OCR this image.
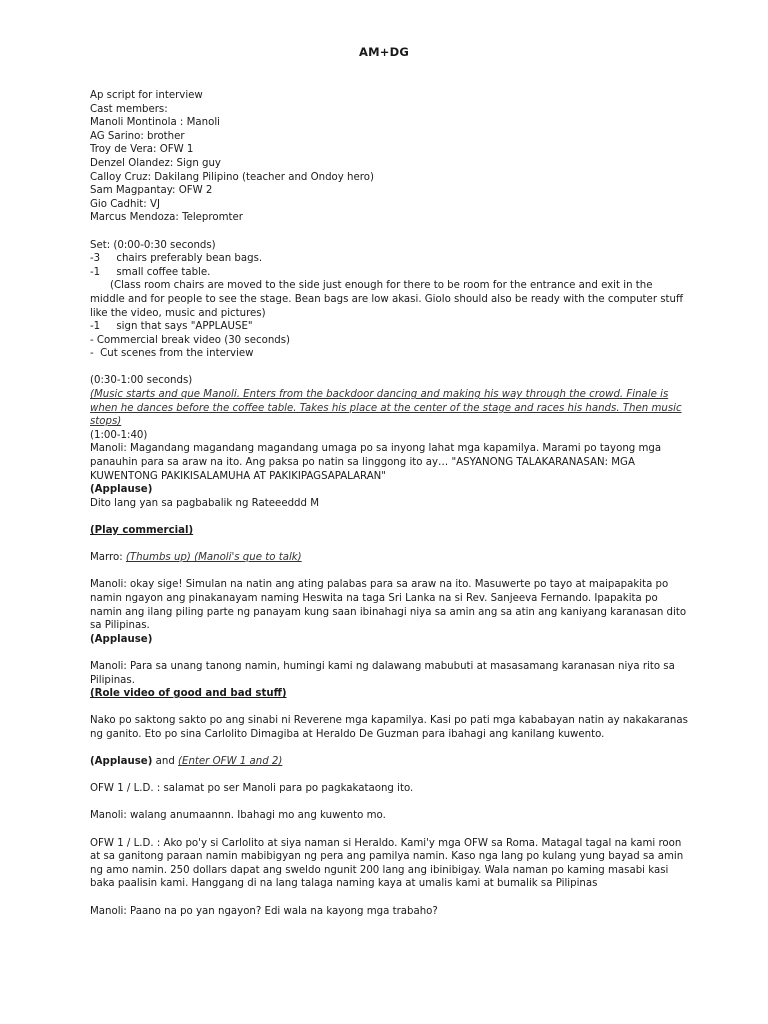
AM+DG
Ap script for interview
Cast members:
Manoli Montinola : Manoli
AG Sarino: brother
Troy de Vera: OFW 1
Denzel Olandez: Sign guy
Calloy Cruz: Dakilang Pilipino (teacher and Ondoy hero)
Sam Magpantay: OFW 2
Gio Cadhit: VJ
Marcus Mendoza: Telepromter
Set: (0:00-0:30 seconds)
-3     chairs preferably bean bags.
-1     small coffee table.
(Class room chairs are moved to the side just enough for there to be room for the entrance and exit in the middle and for people to see the stage. Bean bags are low akasi. Giolo should also be ready with the computer stuff like the video, music and pictures)
-1     sign that says "APPLAUSE"
- Commercial break video (30 seconds)
-  Cut scenes from the interview
(0:30-1:00 seconds)
(Music starts and que Manoli. Enters from the backdoor dancing and making his way through the crowd. Finale is when he dances before the coffee table. Takes his place at the center of the stage and races his hands. Then music stops)
(1:00-1:40)
Manoli: Magandang magandang magandang umaga po sa inyong lahat mga kapamilya. Marami po tayong mga panauhin para sa araw na ito. Ang paksa po natin sa linggong ito ay… "ASYANONG TALAKARANASAN: MGA KUWENTONG PAKIKISALAMUHA AT PAKIKIPAGSAPALARAN"
(Applause)
Dito lang yan sa pagbabalik ng Rateeeddd M
(Play commercial)
Marro: (Thumbs up) (Manoli's que to talk)
Manoli: okay sige! Simulan na natin ang ating palabas para sa araw na ito. Masuwerte po tayo at maipapakita po namin ngayon ang pinakanayam naming Heswita na taga Sri Lanka na si Rev. Sanjeeva Fernando. Ipapakita po namin ang ilang piling parte ng panayam kung saan ibinahagi niya sa amin ang sa atin ang kaniyang karanasan dito sa Pilipinas.
(Applause)
Manoli: Para sa unang tanong namin, humingi kami ng dalawang mabubuti at masasamang karanasan niya rito sa Pilipinas.
(Role video of good and bad stuff)
Nako po saktong sakto po ang sinabi ni Reverene mga kapamilya. Kasi po pati mga kababayan natin ay nakakaranas ng ganito. Eto po sina Carlolito Dimagiba at Heraldo De Guzman para ibahagi ang kanilang kuwento.
(Applause) and (Enter OFW 1 and 2)
OFW 1 / L.D. : salamat po ser Manoli para po pagkakataong ito.
Manoli: walang anumaannn. Ibahagi mo ang kuwento mo.
OFW 1 / L.D. : Ako po'y si Carlolito at siya naman si Heraldo. Kami'y mga OFW sa Roma. Matagal tagal na kami roon at sa ganitong paraan namin mabibigyan ng pera ang pamilya namin. Kaso nga lang po kulang yung bayad sa amin ng amo namin. 250 dollars dapat ang sweldo ngunit 200 lang ang ibinibigay. Wala naman po kaming masabi kasi baka paalisin kami. Hanggang di na lang talaga naming kaya at umalis kami at bumalik sa Pilipinas
Manoli: Paano na po yan ngayon? Edi wala na kayong mga trabaho?
